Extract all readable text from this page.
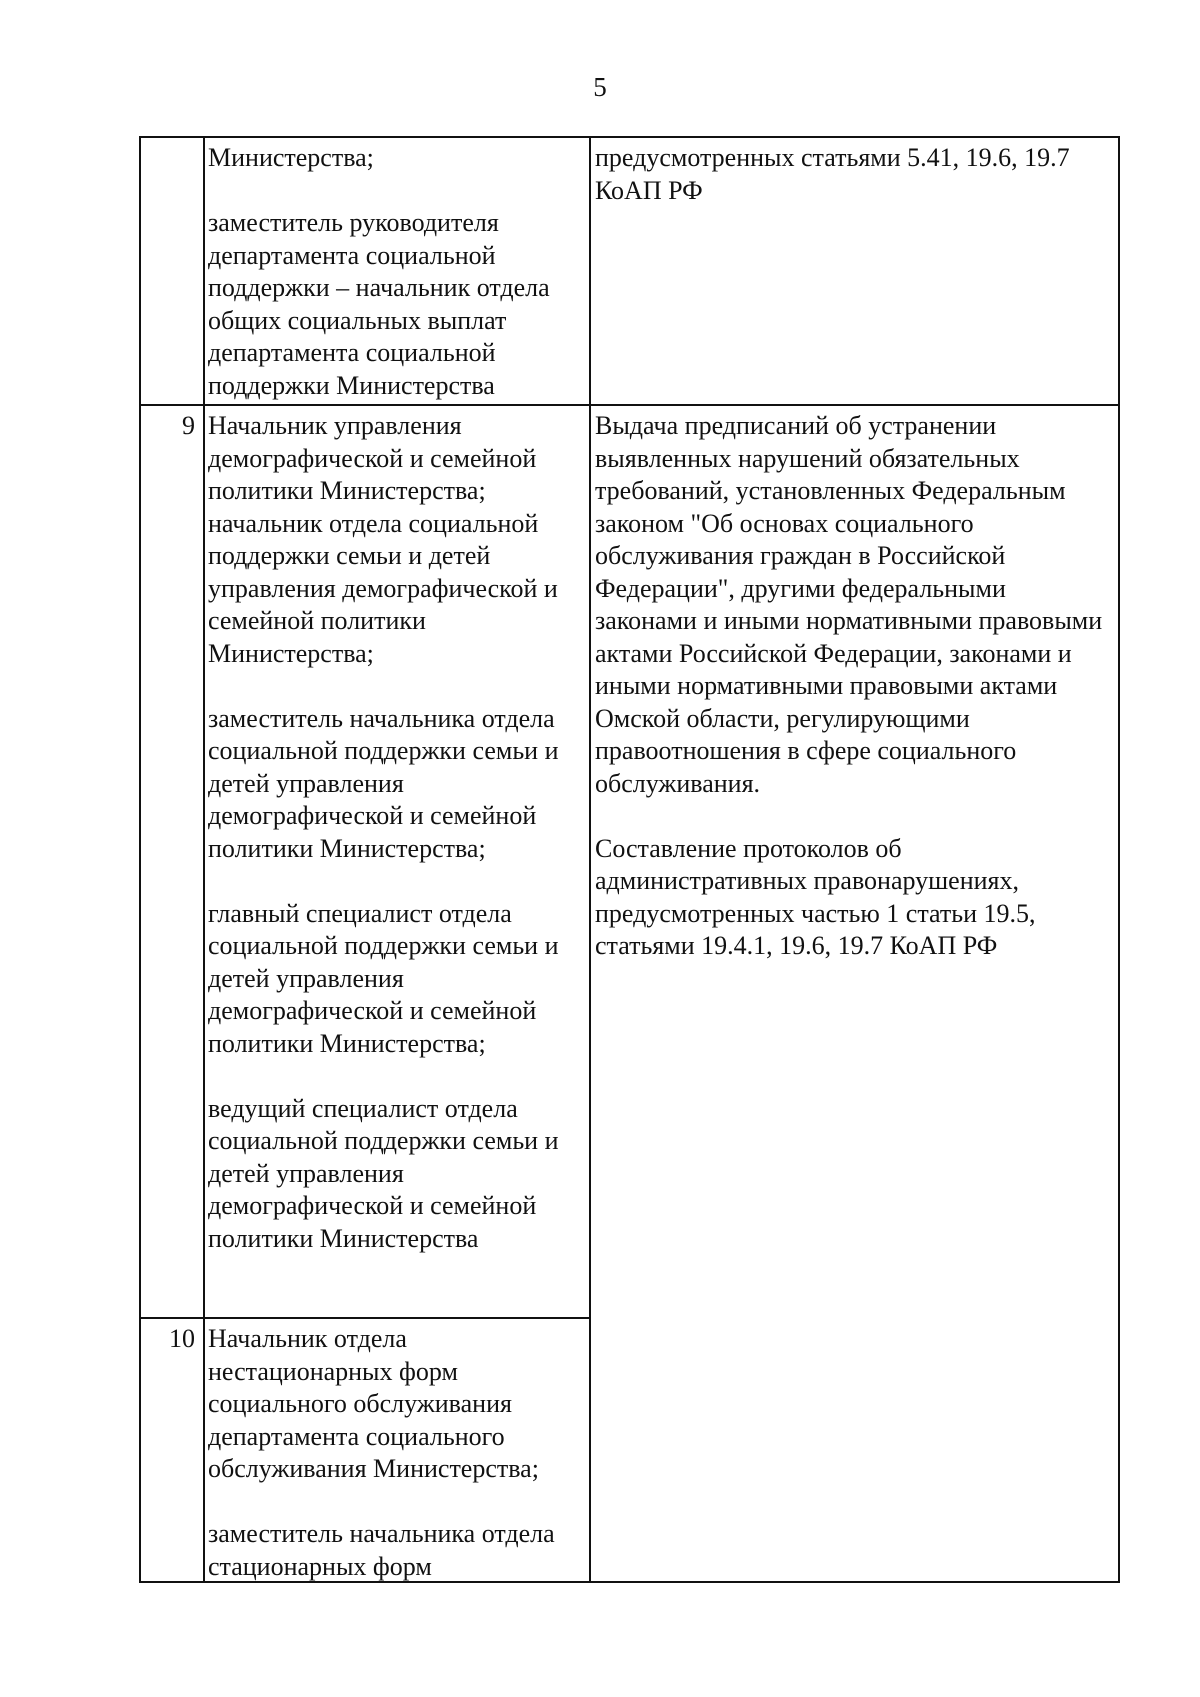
5
Министерства;
заместитель руководителя департамента социальной поддержки – начальник отдела общих социальных выплат департамента социальной поддержки Министерства
предусмотренных статьями 5.41, 19.6, 19.7 КоАП РФ
9 Начальник управления демографической и семейной политики Министерства; начальник отдела социальной поддержки семьи и детей управления демографической и семейной политики Министерства;
заместитель начальника отдела социальной поддержки семьи и детей управления демографической и семейной политики Министерства;
главный специалист отдела социальной поддержки семьи и детей управления демографической и семейной политики Министерства;
ведущий специалист отдела социальной поддержки семьи и детей управления демографической и семейной политики Министерства
Выдача предписаний об устранении выявленных нарушений обязательных требований, установленных Федеральным законом "Об основах социального обслуживания граждан в Российской Федерации", другими федеральными законами и иными нормативными правовыми актами Российской Федерации, законами и иными нормативными правовыми актами Омской области, регулирующими правоотношения в сфере социального обслуживания.
Составление протоколов об административных правонарушениях, предусмотренных частью 1 статьи 19.5, статьями 19.4.1, 19.6, 19.7 КоАП РФ
10 Начальник отдела нестационарных форм социального обслуживания департамента социального обслуживания Министерства;
заместитель начальника отдела стационарных форм
